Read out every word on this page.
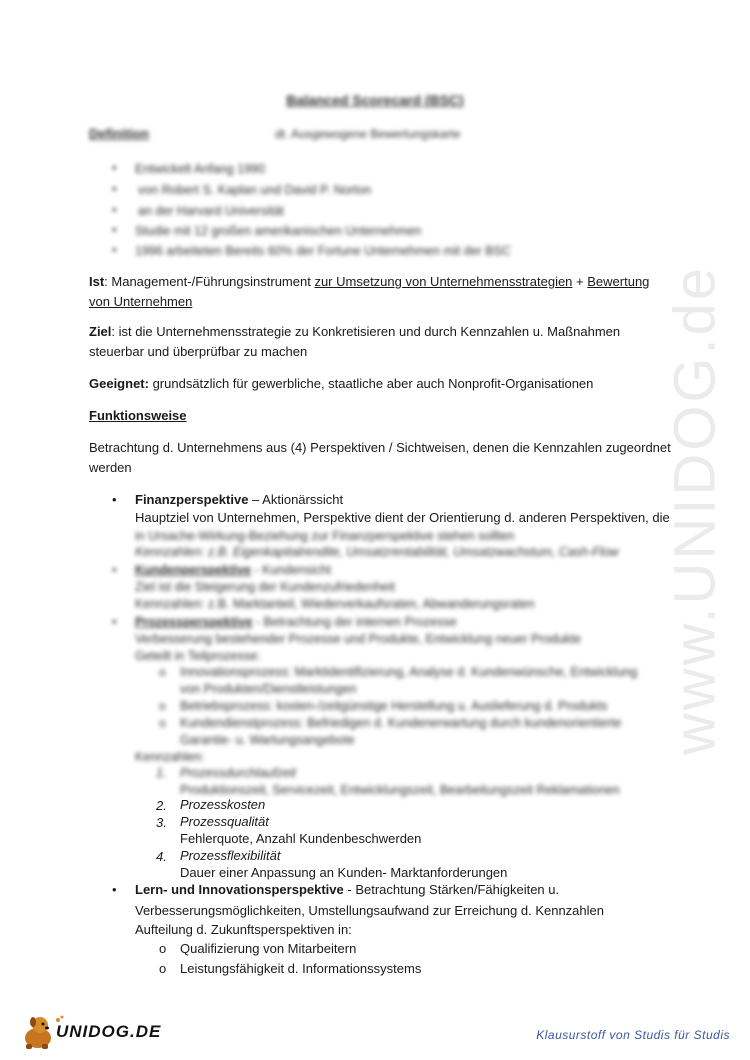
www.UNIDOG.de
Balanced Scorecard (BSC)
Definition	dt. Ausgewogene Bewertungskarte
• Entwickelt Anfang 1990
• von Robert S. Kaplan und David P. Norton
• an der Harvard Universität
• Studie mit 12 großen amerikanischen Unternehmen
• 1996 arbeiteten Bereits 60% der Fortune Unternehmen mit der BSC
Ist: Management-/Führungsinstrument zur Umsetzung von Unternehmensstrategien + Bewertung
von Unternehmen
Ziel: ist die Unternehmensstrategie zu Konkretisieren und durch Kennzahlen u. Maßnahmen
steuerbar und überprüfbar zu machen
Geeignet: grundsätzlich für gewerbliche, staatliche aber auch Nonprofit-Organisationen
Funktionsweise
Betrachtung d. Unternehmens aus (4) Perspektiven / Sichtweisen, denen die Kennzahlen zugeordnet
werden
• Finanzperspektive – Aktionärssicht
Hauptziel von Unternehmen, Perspektive dient der Orientierung d. anderen Perspektiven, die
in Ursache-Wirkung-Beziehung zur Finanzperspektive stehen sollten
Kennzahlen: z.B. Eigenkapitalrendite, Umsatzrentabilität, Umsatzwachstum, Cash-Flow
• Kundenperspektive - Kundensicht
Ziel ist die Steigerung der Kundenzufriedenheit
Kennzahlen: z.B. Marktanteil, Wiederverkaufsraten, Abwanderungsraten
• Prozessperspektive - Betrachtung der internen Prozesse
Verbesserung bestehender Prozesse und Produkte, Entwicklung neuer Produkte
Geteilt in Teilprozesse:
o Innovationsprozess: Marktidentifizierung, Analyse d. Kundenwünsche, Entwicklung
von Produkten/Dienstleistungen
o Betriebsprozess: kosten-/zeitgünstige Herstellung u. Auslieferung d. Produkts
o Kundendienstprozess: Befriedigen d. Kundenerwartung durch kundenorientierte
Garantie- u. Wartungsangebote
Kennzahlen:
1. Prozessdurchlaufzeit
Produktionszeit, Servicezeit, Entwicklungszeit, Bearbeitungszeit Reklamationen
2. Prozesskosten
3. Prozessqualität
Fehlerquote, Anzahl Kundenbeschwerden
4. Prozessflexibilität
Dauer einer Anpassung an Kunden- Marktanforderungen
• Lern- und Innovationsperspektive - Betrachtung Stärken/Fähigkeiten u.
Verbesserungsmöglichkeiten, Umstellungsaufwand zur Erreichung d. Kennzahlen
Aufteilung d. Zukunftsperspektiven in:
o Qualifizierung von Mitarbeitern
o Leistungsfähigkeit d. Informationssystems
UNIDOG.DE	Klausurstoff von Studis für Studis
